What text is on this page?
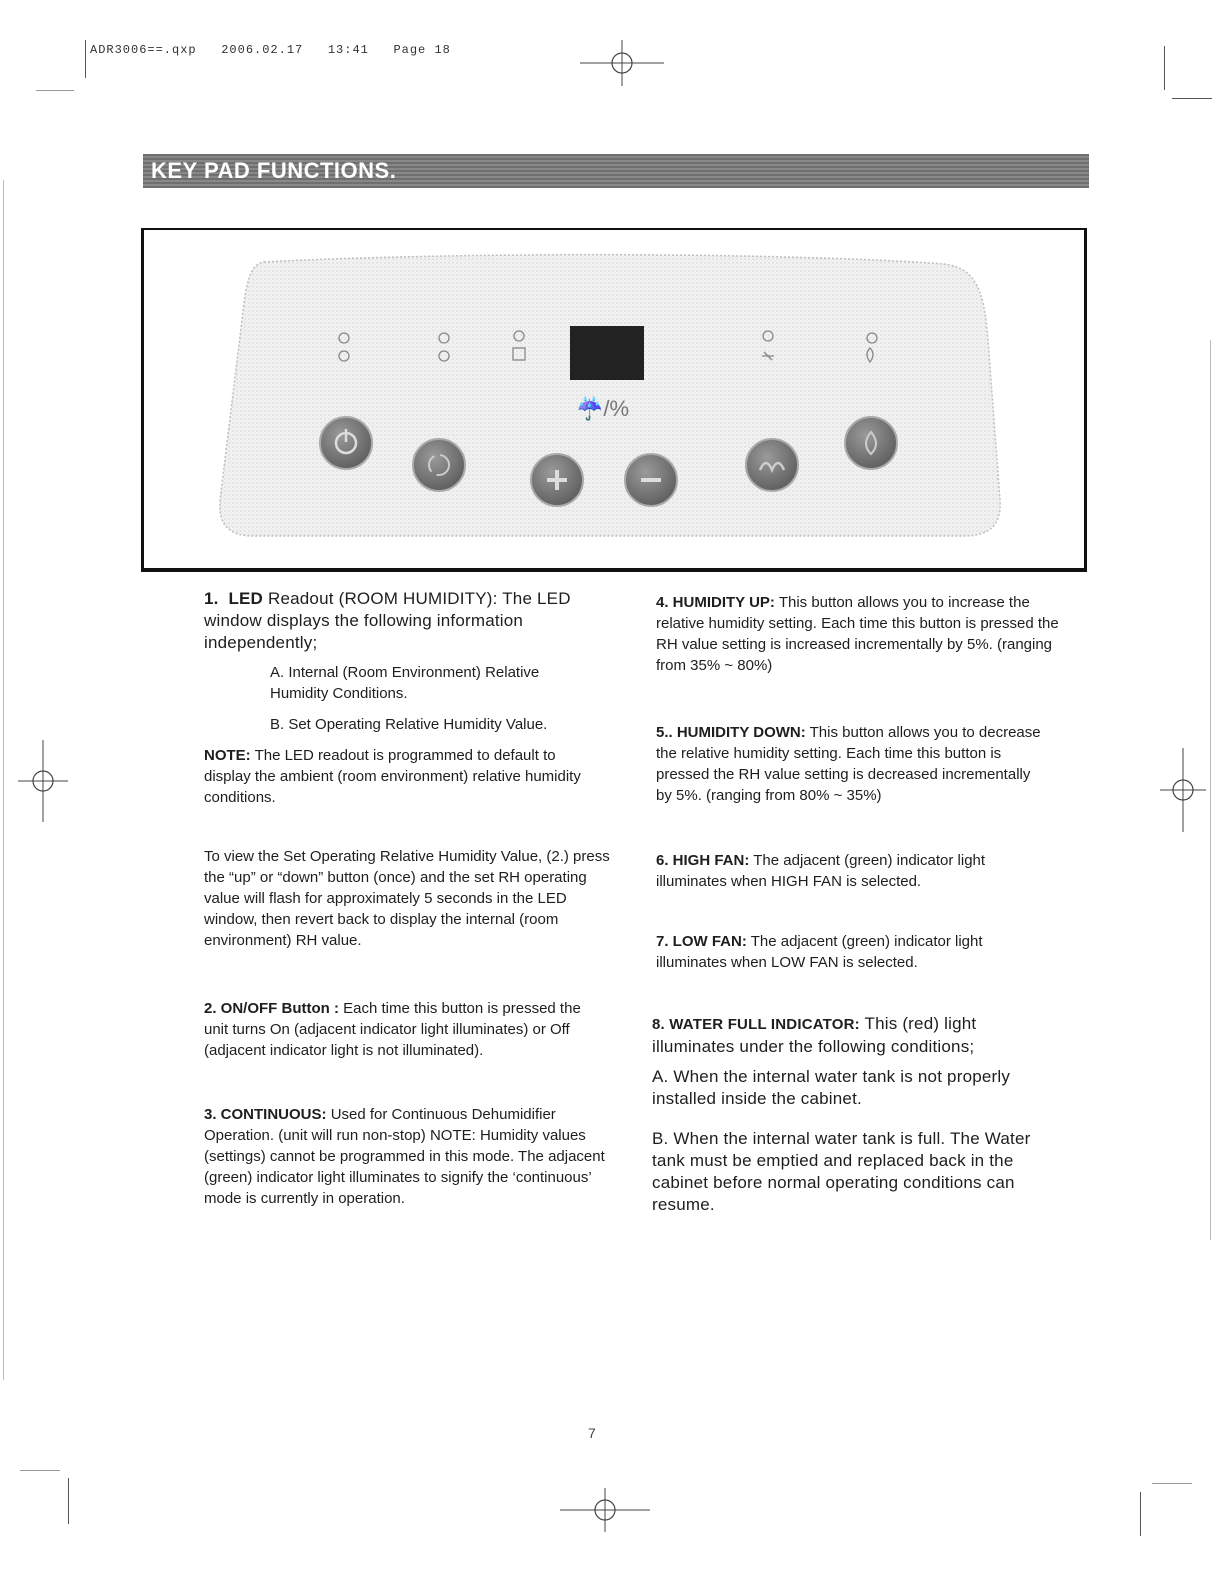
ADR3006==.qxp   2006.02.17   13:41   Page 18
KEY PAD FUNCTIONS.
☔/%

1. LED Readout (ROOM HUMIDITY): The LED window displays the following information independently;

A. Internal (Room Environment) Relative Humidity Conditions.

B. Set Operating Relative Humidity Value.

NOTE: The LED readout is programmed to default to display the ambient (room environment) relative humidity conditions.

To view the Set Operating Relative Humidity Value, (2.) press the “up” or “down” button (once) and the set RH operating value will flash for approximately 5 seconds in the LED window, then revert back to display the internal (room environment) RH value.

2. ON/OFF Button : Each time this button is pressed the unit turns On (adjacent indicator light illuminates) or Off (adjacent indicator light is not illuminated).

3. CONTINUOUS: Used for Continuous Dehumidifier Operation. (unit will run non-stop) NOTE: Humidity values (settings) cannot be programmed in this mode. The adjacent (green) indicator light illuminates to signify the ‘continuous’ mode is currently in operation.

4. HUMIDITY UP: This button allows you to increase the relative humidity setting. Each time this button is pressed the RH value setting is increased incrementally by 5%. (ranging from 35% ~ 80%)

5.. HUMIDITY DOWN: This button allows you to decrease the relative humidity setting. Each time this button is pressed the RH value setting is decreased incrementally by 5%. (ranging from 80% ~ 35%)

6. HIGH FAN: The adjacent (green) indicator light illuminates when HIGH FAN is selected.

7. LOW FAN: The adjacent (green) indicator light illuminates when LOW FAN is selected.

8. WATER FULL INDICATOR: This (red) light illuminates under the following conditions;

A. When the internal water tank is not properly installed inside the cabinet.

B. When the internal water tank is full. The Water tank must be emptied and replaced back in the cabinet before normal operating conditions can resume.

7
